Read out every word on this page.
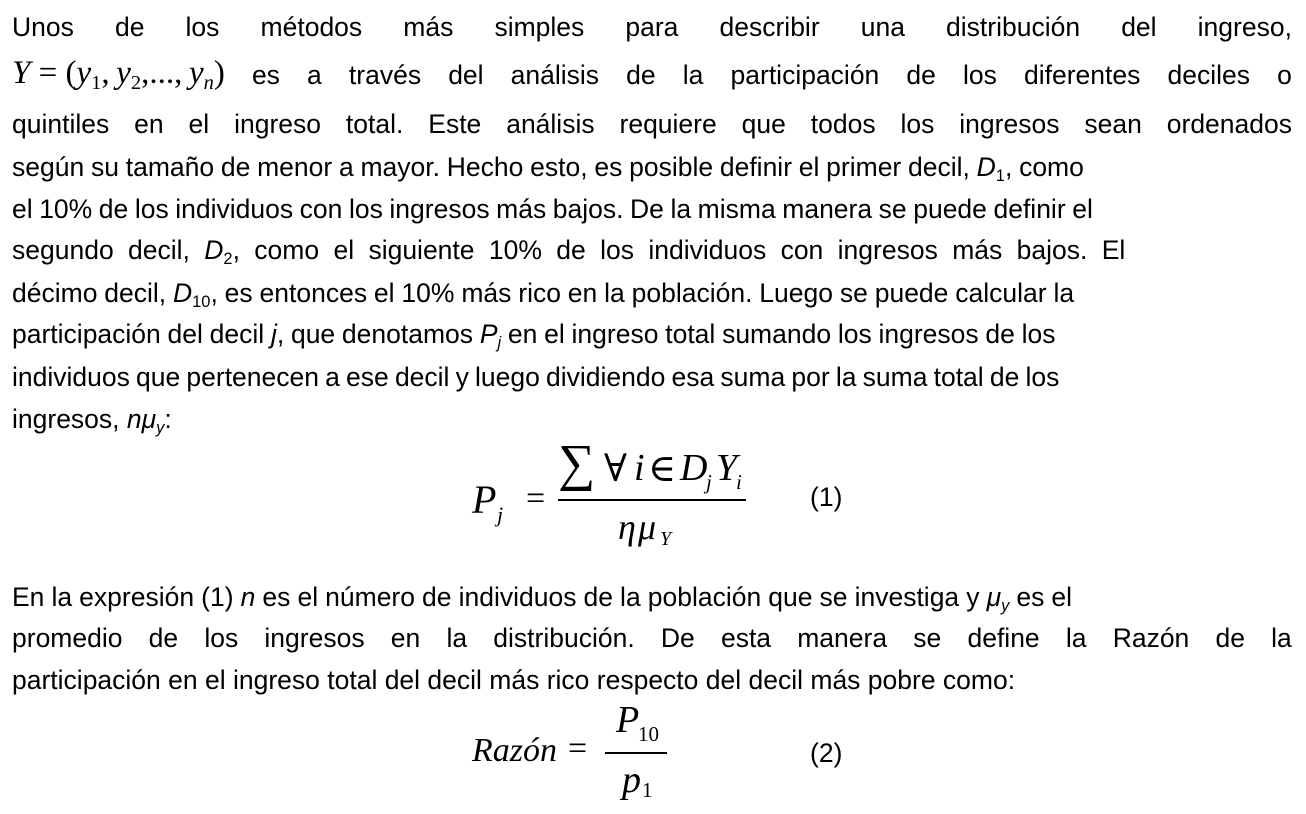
Unos de los métodos más simples para describir una distribución del ingreso,
Y = (y1, y2,..., yn) es a través del análisis de la participación de los diferentes deciles o
quintiles en el ingreso total. Este análisis requiere que todos los ingresos sean ordenados
según su tamaño de menor a mayor. Hecho esto, es posible definir el primer decil, D1, como
el 10% de los individuos con los ingresos más bajos. De la misma manera se puede definir el
segundo decil, D2, como el siguiente 10% de los individuos con ingresos más bajos. El
décimo decil, D10, es entonces el 10% más rico en la población. Luego se puede calcular la
participación del decil j, que denotamos Pj en el ingreso total sumando los ingresos de los
individuos que pertenecen a ese decil y luego dividiendo esa suma por la suma total de los
ingresos, nμy:
P j =
∑ ∀ i ∈ D
j Y
i
η μ Y
(1)
En la expresión (1) n es el número de individuos de la población que se investiga y μy es el
promedio de los ingresos en la distribución. De esta manera se define la Razón de la
participación en el ingreso total del decil más rico respecto del decil más pobre como:
Razón =
P
10
p 1
(2)
